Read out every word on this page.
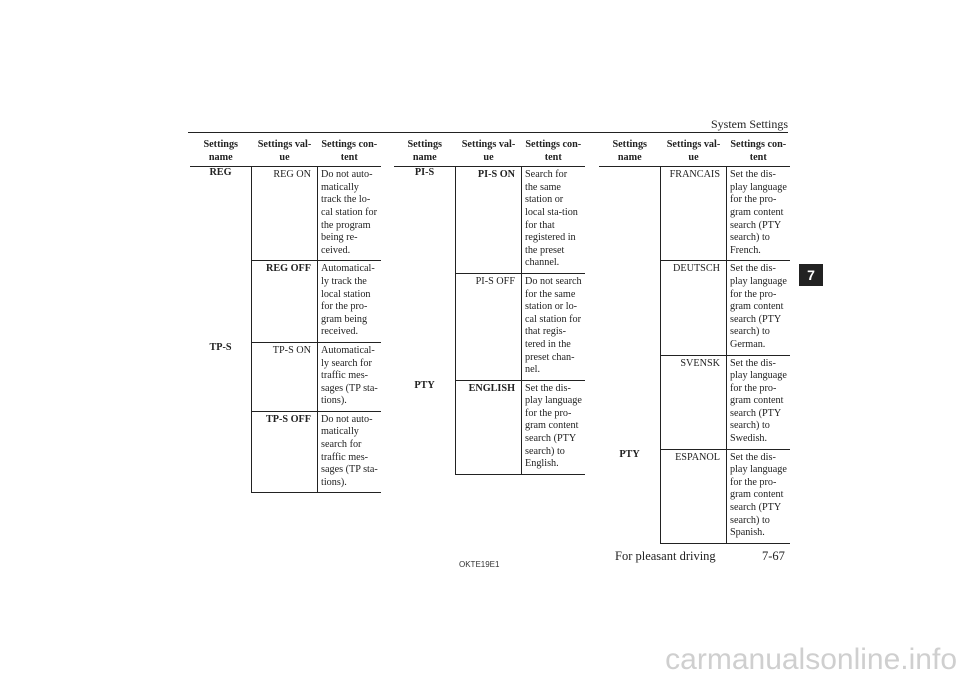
System Settings
7
Settings name	Settings val-ue	Settings con-tent
REG	REG ON	Do not auto-matically track the lo-cal station for the program being re-ceived.
	REG OFF	Automatical-ly track the local station for the pro-gram being received.
TP-S	TP-S ON	Automatical-ly search for traffic mes-sages (TP sta-tions).
	TP-S OFF	Do not auto-matically search for traffic mes-sages (TP sta-tions).
Settings name	Settings val-ue	Settings con-tent
PI-S	PI-S ON	Search for the same station or local sta-tion for that registered in the preset channel.
	PI-S OFF	Do not search for the same station or lo-cal station for that regis-tered in the preset chan-nel.
PTY	ENGLISH	Set the dis-play language for the pro-gram content search (PTY search) to English.
Settings name	Settings val-ue	Settings con-tent
	FRANCAIS	Set the dis-play language for the pro-gram content search (PTY search) to French.
	DEUTSCH	Set the dis-play language for the pro-gram content search (PTY search) to German.
	SVENSK	Set the dis-play language for the pro-gram content search (PTY search) to Swedish.
PTY	ESPANOL	Set the dis-play language for the pro-gram content search (PTY search) to Spanish.
OKTE19E1
For pleasant driving	7-67
carmanualsonline.info
